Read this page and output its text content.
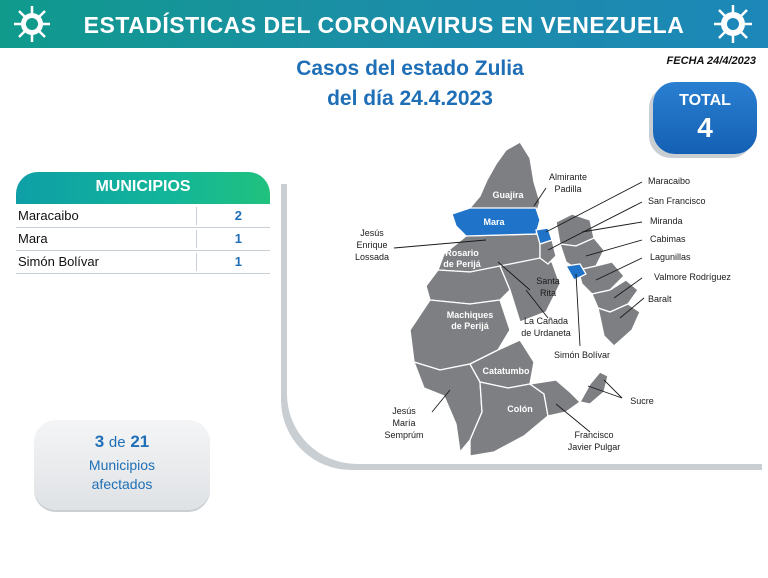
ESTADÍSTICAS DEL CORONAVIRUS EN VENEZUELA
Casos del estado Zulia
del día 24.4.2023
FECHA 24/4/2023
TOTAL
4
MUNICIPIOS
Maracaibo	2
Mara	1
Simón Bolívar	1
Guajira
Mara
Rosario de Perijá
Machiques de Perijá
Catatumbo
Colón
Almirante Padilla
Maracaibo
San Francisco
Miranda
Cabimas
Lagunillas
Valmore Rodríguez
Baralt
Jesús Enrique Lossada
Santa Rita
La Cañada de Urdaneta
Simón Bolívar
Sucre
Jesús María Semprúm	Francisco Javier Pulgar
3 de 21
Municipios
afectados
